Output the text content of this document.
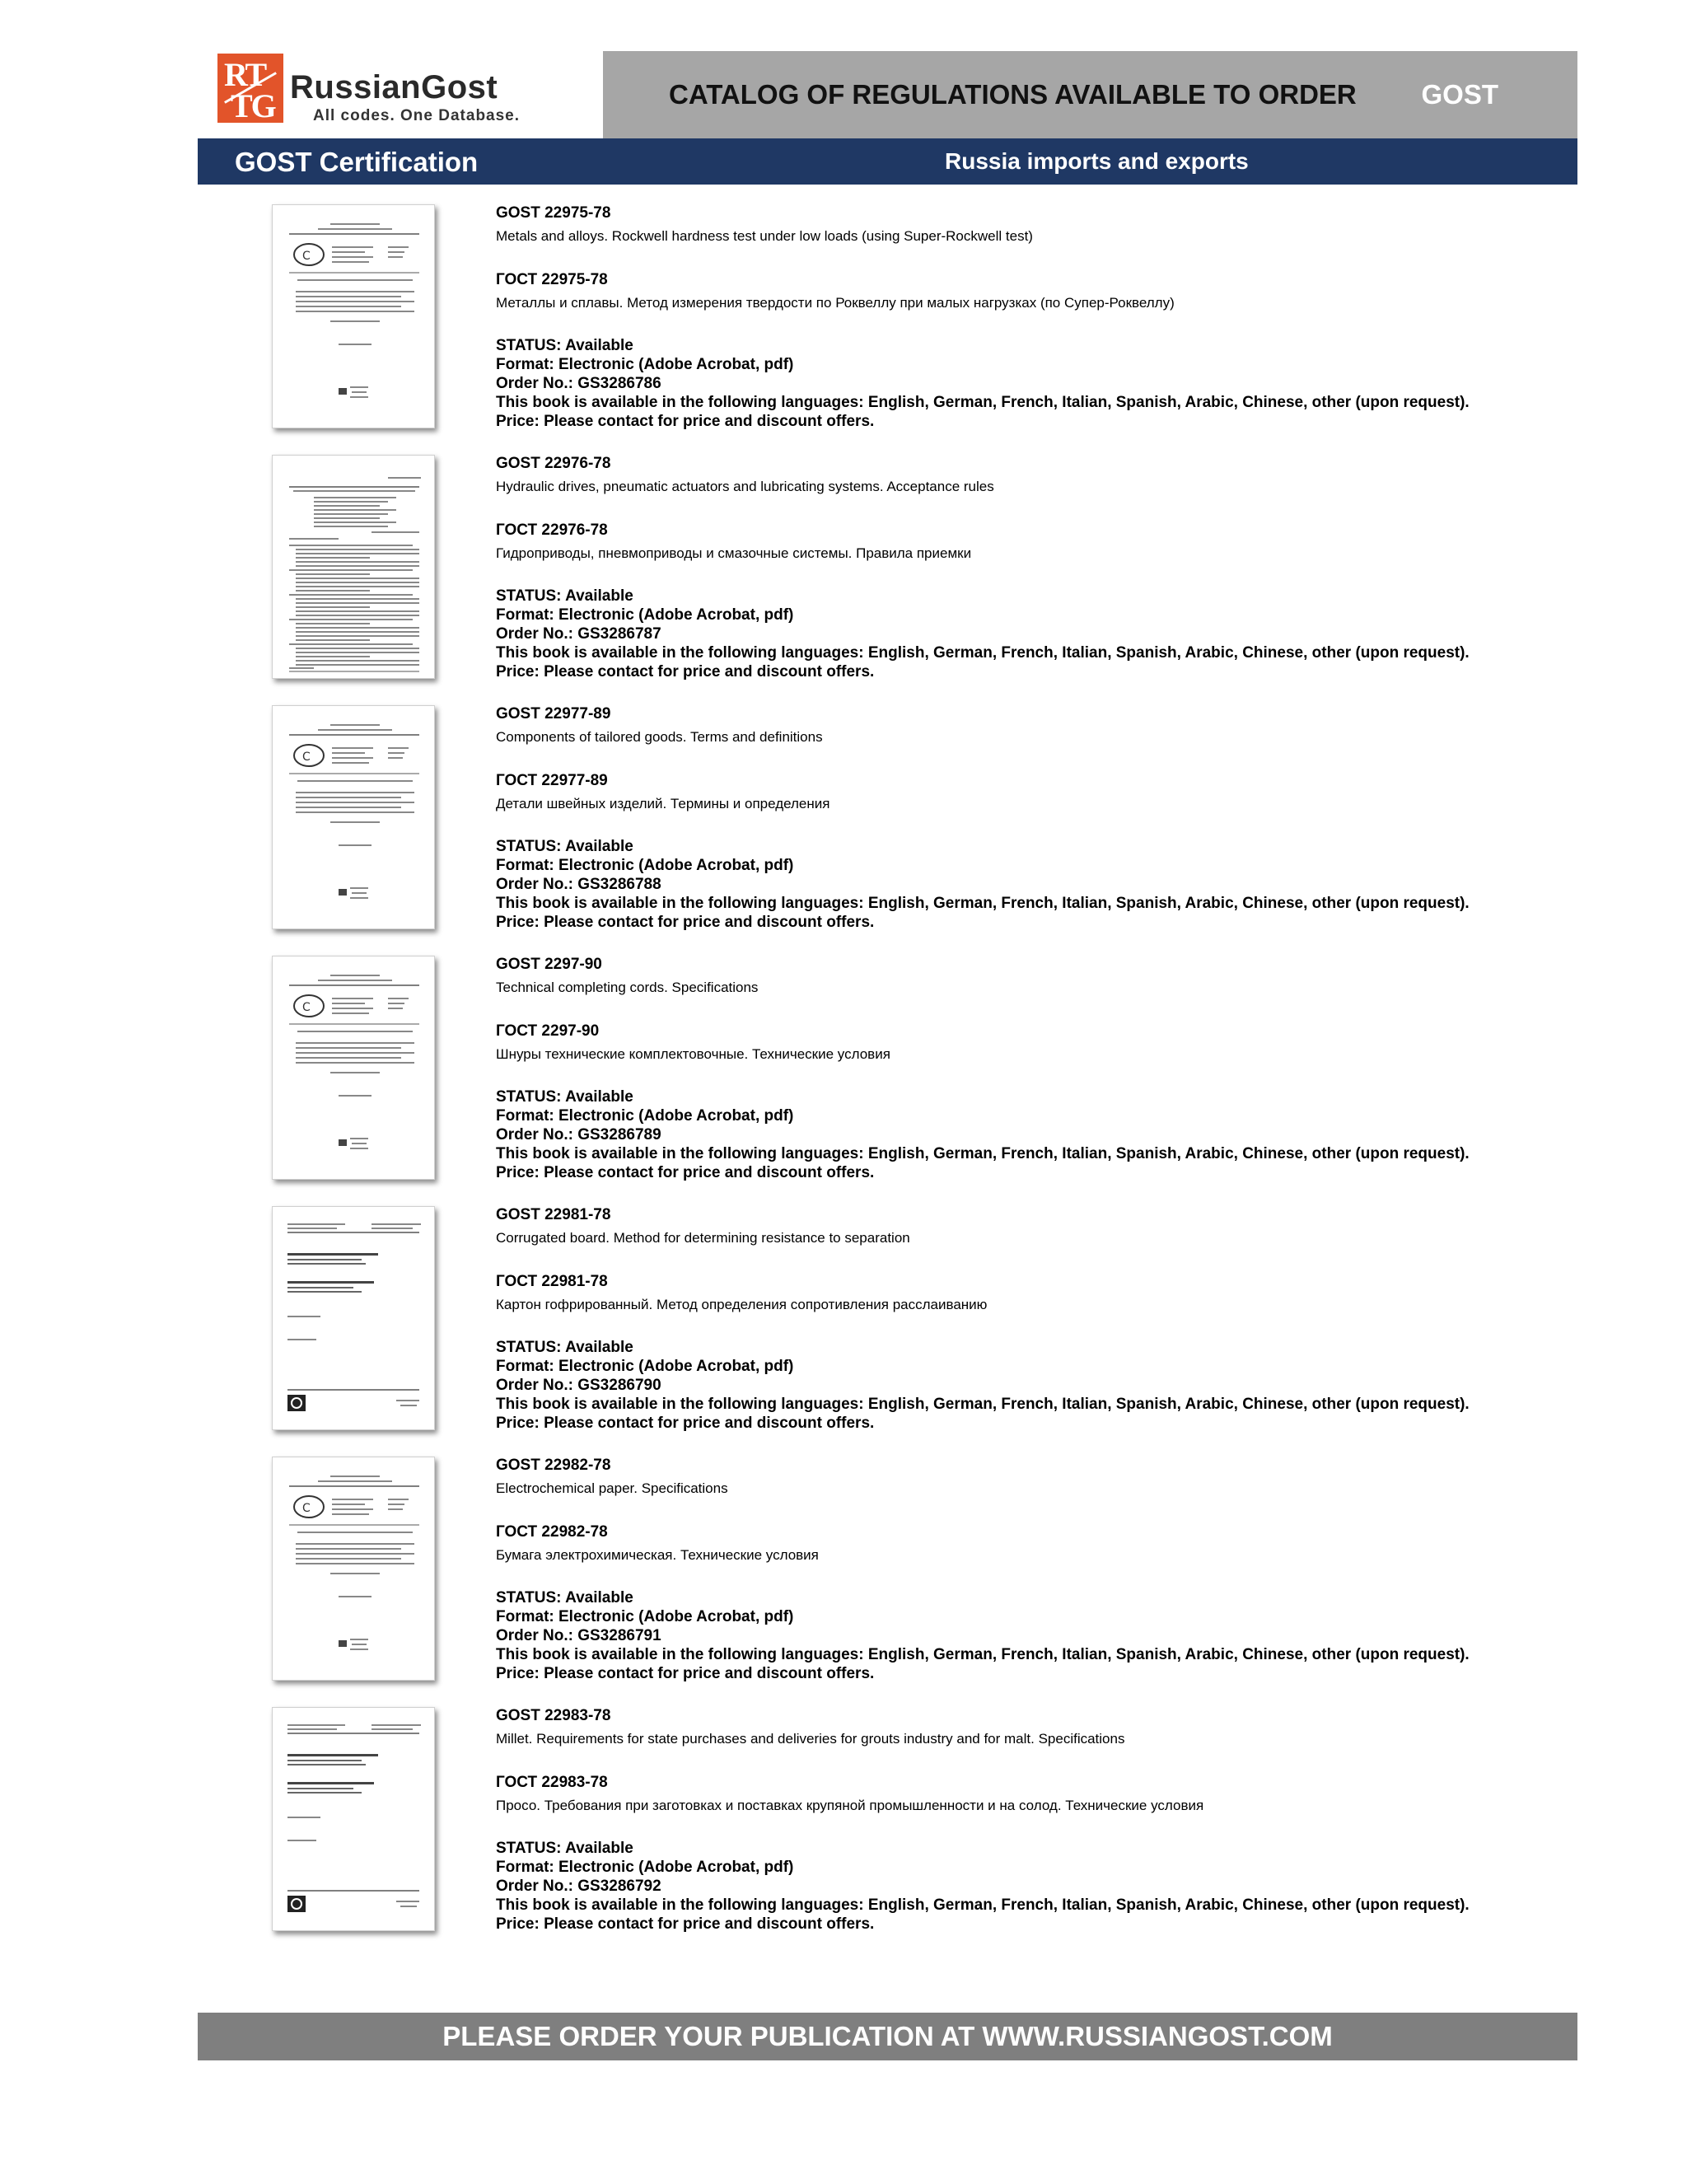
RT
TG RussianGost
All codes. One Database.
CATALOG OF REGULATIONS AVAILABLE TO ORDER GOST
GOST Certification	Russia imports and exports
C
GOST 22975-78
Metals and alloys. Rockwell hardness test under low loads (using Super-Rockwell test)
ГОСТ 22975-78
Металлы и сплавы. Метод измерения твердости по Роквеллу при малых нагрузках (по Супер-Роквеллу)
STATUS: Available
Format: Electronic (Adobe Acrobat, pdf)
Order No.: GS3286786
This book is available in the following languages: English, German, French, Italian, Spanish, Arabic, Chinese, other (upon request).
Price: Please contact for price and discount offers.
GOST 22976-78
Hydraulic drives, pneumatic actuators and lubricating systems. Acceptance rules
ГОСТ 22976-78
Гидроприводы, пневмоприводы и смазочные системы. Правила приемки
STATUS: Available
Format: Electronic (Adobe Acrobat, pdf)
Order No.: GS3286787
This book is available in the following languages: English, German, French, Italian, Spanish, Arabic, Chinese, other (upon request).
Price: Please contact for price and discount offers.
C
GOST 22977-89
Components of tailored goods. Terms and definitions
ГОСТ 22977-89
Детали швейных изделий. Термины и определения
STATUS: Available
Format: Electronic (Adobe Acrobat, pdf)
Order No.: GS3286788
This book is available in the following languages: English, German, French, Italian, Spanish, Arabic, Chinese, other (upon request).
Price: Please contact for price and discount offers.
C
GOST 2297-90
Technical completing cords. Specifications
ГОСТ 2297-90
Шнуры технические комплектовочные. Технические условия
STATUS: Available
Format: Electronic (Adobe Acrobat, pdf)
Order No.: GS3286789
This book is available in the following languages: English, German, French, Italian, Spanish, Arabic, Chinese, other (upon request).
Price: Please contact for price and discount offers.
GOST 22981-78
Corrugated board. Method for determining resistance to separation
ГОСТ 22981-78
Картон гофрированный. Метод определения сопротивления расслаиванию
STATUS: Available
Format: Electronic (Adobe Acrobat, pdf)
Order No.: GS3286790
This book is available in the following languages: English, German, French, Italian, Spanish, Arabic, Chinese, other (upon request).
Price: Please contact for price and discount offers.
C
GOST 22982-78
Electrochemical paper. Specifications
ГОСТ 22982-78
Бумага электрохимическая. Технические условия
STATUS: Available
Format: Electronic (Adobe Acrobat, pdf)
Order No.: GS3286791
This book is available in the following languages: English, German, French, Italian, Spanish, Arabic, Chinese, other (upon request).
Price: Please contact for price and discount offers.
GOST 22983-78
Millet. Requirements for state purchases and deliveries for grouts industry and for malt. Specifications
ГОСТ 22983-78
Просо. Требования при заготовках и поставках крупяной промышленности и на солод. Технические условия
STATUS: Available
Format: Electronic (Adobe Acrobat, pdf)
Order No.: GS3286792
This book is available in the following languages: English, German, French, Italian, Spanish, Arabic, Chinese, other (upon request).
Price: Please contact for price and discount offers.
PLEASE ORDER YOUR PUBLICATION AT WWW.RUSSIANGOST.COM
